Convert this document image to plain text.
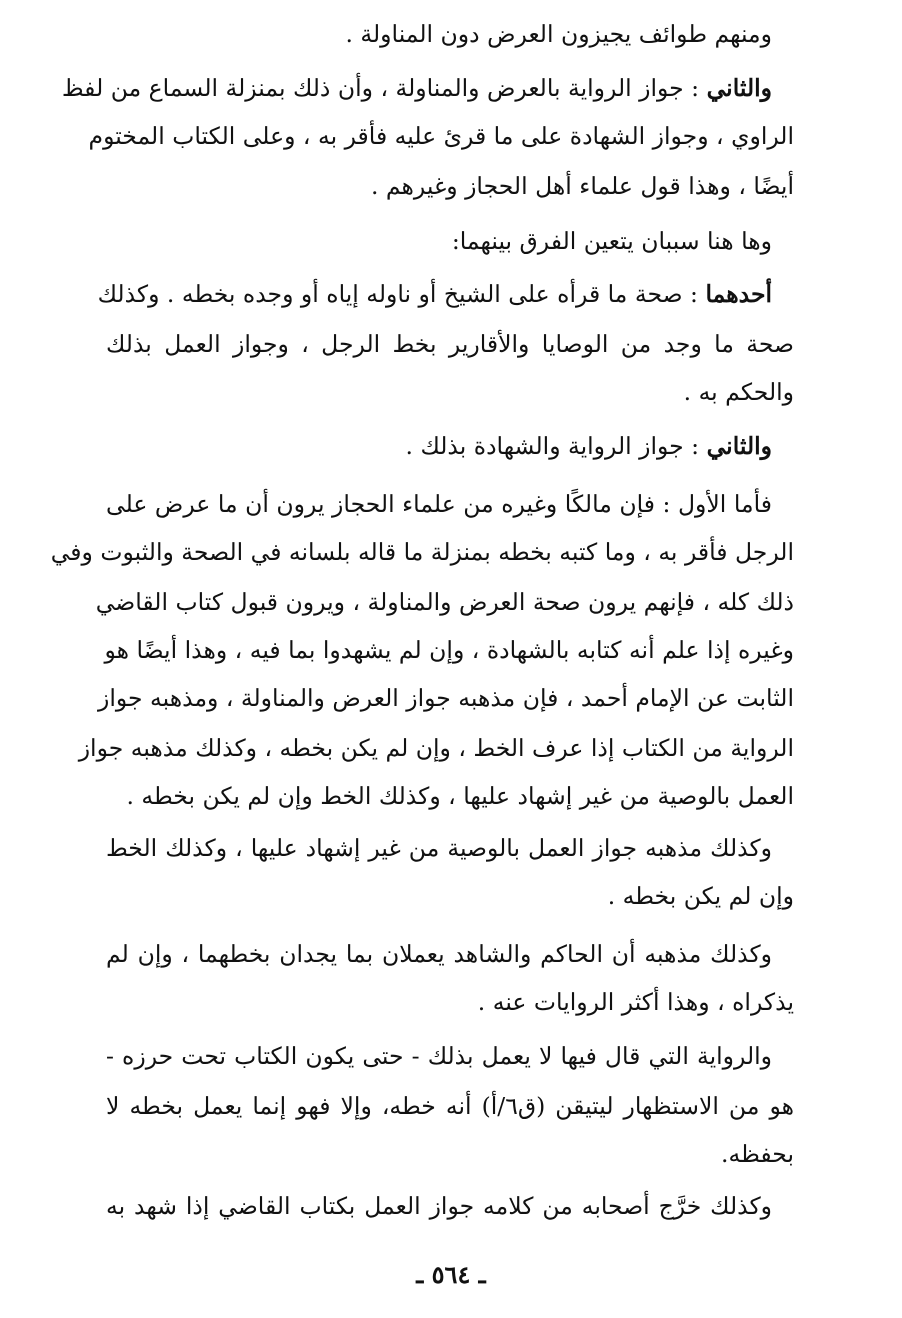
ومنهم طوائف يجيزون العرض دون المناولة .
والثاني : جواز الرواية بالعرض والمناولة ، وأن ذلك بمنزلة السماع من لفظ
الراوي ، وجواز الشهادة على ما قرئ عليه فأقر به ، وعلى الكتاب المختوم
أيضًا ، وهذا قول علماء أهل الحجاز وغيرهم .
وها هنا سببان يتعين الفرق بينهما:
أحدهما : صحة ما قرأه على الشيخ أو ناوله إياه أو وجده بخطه . وكذلك
صحة ما وجد من الوصايا والأقارير بخط الرجل ، وجواز العمل بذلك
والحكم به .
والثاني : جواز الرواية والشهادة بذلك .
فأما الأول : فإن مالكًا وغيره من علماء الحجاز يرون أن ما عرض على
الرجل فأقر به ، وما كتبه بخطه بمنزلة ما قاله بلسانه في الصحة والثبوت وفي
ذلك كله ، فإنهم يرون صحة العرض والمناولة ، ويرون قبول كتاب القاضي
وغيره إذا علم أنه كتابه بالشهادة ، وإن لم يشهدوا بما فيه ، وهذا أيضًا هو
الثابت عن الإمام أحمد ، فإن مذهبه جواز العرض والمناولة ، ومذهبه جواز
الرواية من الكتاب إذا عرف الخط ، وإن لم يكن بخطه ، وكذلك مذهبه جواز
العمل بالوصية من غير إشهاد عليها ، وكذلك الخط وإن لم يكن بخطه .
وكذلك مذهبه جواز العمل بالوصية من غير إشهاد عليها ، وكذلك الخط
وإن لم يكن بخطه .
وكذلك مذهبه أن الحاكم والشاهد يعملان بما يجدان بخطهما ، وإن لم
يذكراه ، وهذا أكثر الروايات عنه .
والرواية التي قال فيها لا يعمل بذلك - حتى يكون الكتاب تحت حرزه -
هو من الاستظهار ليتيقن (ق٦/أ) أنه خطه، وإلا فهو إنما يعمل بخطه لا
بحفظه.
وكذلك خرَّج أصحابه من كلامه جواز العمل بكتاب القاضي إذا شهد به
ـ ٥٦٤ ـ
